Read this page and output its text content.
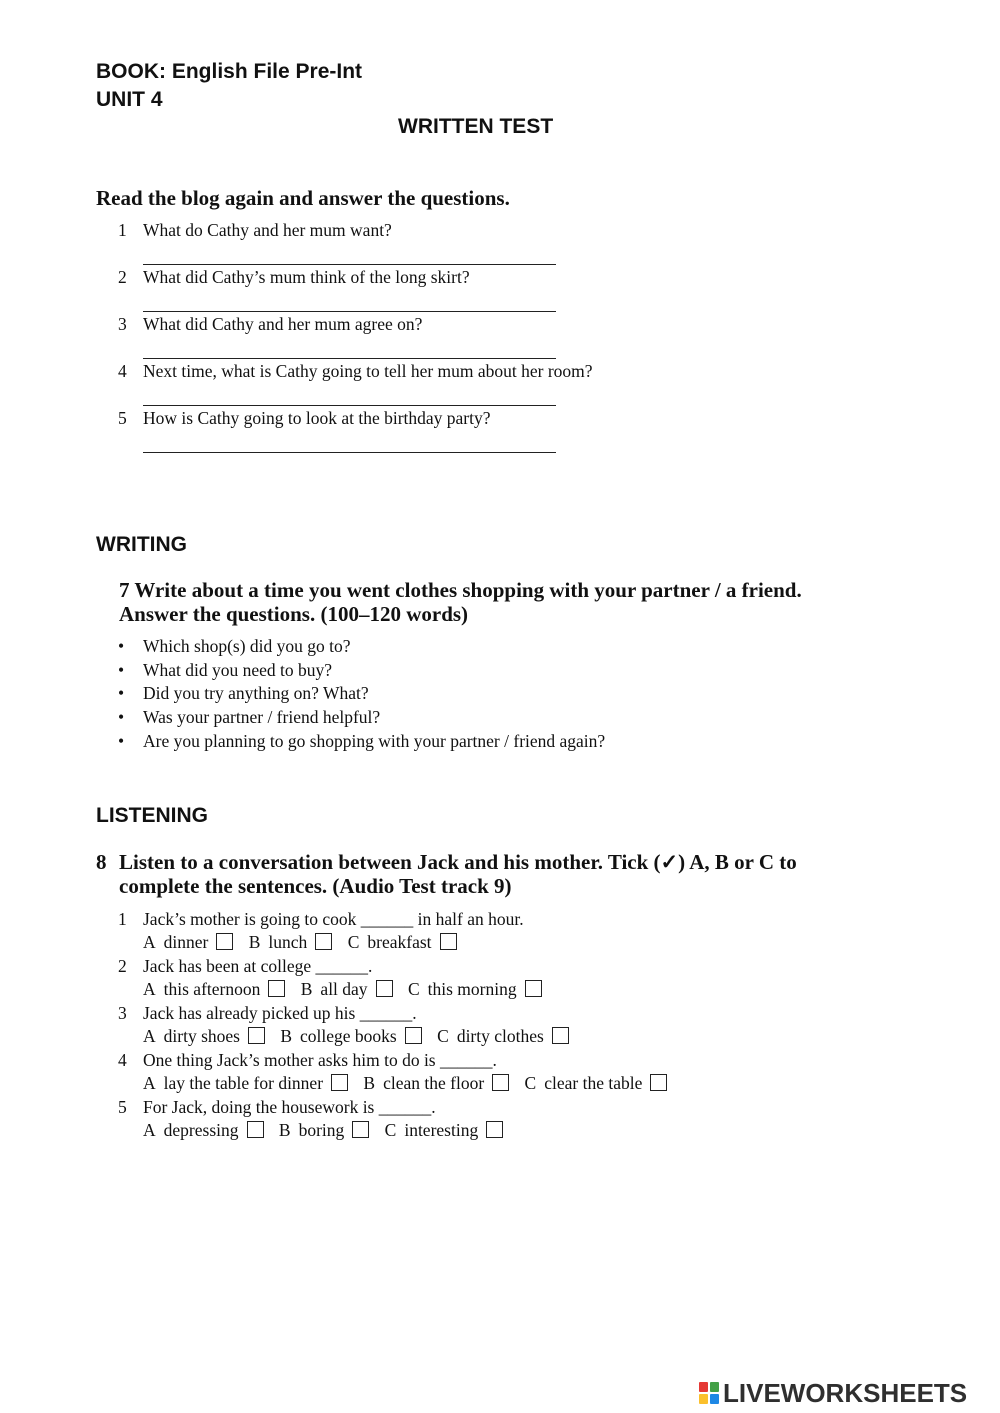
BOOK: English File Pre-Int
UNIT 4
WRITTEN TEST
Read the blog again and answer the questions.
1 What do Cathy and her mum want?
2 What did Cathy’s mum think of the long skirt?
3 What did Cathy and her mum agree on?
4 Next time, what is Cathy going to tell her mum about her room?
5 How is Cathy going to look at the birthday party?
WRITING
7 Write about a time you went clothes shopping with your partner / a friend.
Answer the questions. (100–120 words)
• Which shop(s) did you go to?
• What did you need to buy?
• Did you try anything on? What?
• Was your partner / friend helpful?
• Are you planning to go shopping with your partner / friend again?
LISTENING
8 Listen to a conversation between Jack and his mother. Tick (✓) A, B or C to
complete the sentences. (Audio Test track 9)
1 Jack’s mother is going to cook ______ in half an hour.
A dinner B lunch C breakfast
2 Jack has been at college ______.
A this afternoon B all day C this morning
3 Jack has already picked up his ______.
A dirty shoes B college books C dirty clothes
4 One thing Jack’s mother asks him to do is ______.
A lay the table for dinner B clean the floor C clear the table
5 For Jack, doing the housework is ______.
A depressing B boring C interesting
LIVEWORKSHEETS
